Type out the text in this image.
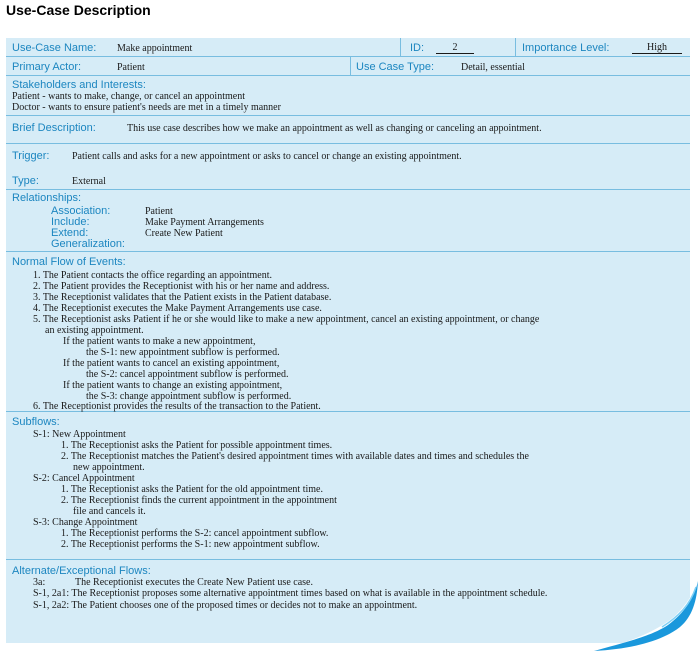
Use-Case Description
Use-Case Name: Make appointment	ID:	2	Importance Level:	High
Primary Actor:	Patient	Use Case Type:	Detail, essential
Stakeholders and Interests:
Patient - wants to make, change, or cancel an appointment
Doctor - wants to ensure patient's needs are met in a timely manner
Brief Description:	This use case describes how we make an appointment as well as changing or canceling an appointment.
Trigger: Patient calls and asks for a new appointment or asks to cancel or change an existing appointment.
Type:	External
Relationships:
Association:	Patient
Include:	Make Payment Arrangements
Extend:	Create New Patient
Generalization:
Normal Flow of Events:
1. The Patient contacts the office regarding an appointment.
2. The Patient provides the Receptionist with his or her name and address.
3. The Receptionist validates that the Patient exists in the Patient database.
4. The Receptionist executes the Make Payment Arrangements use case.
5. The Receptionist asks Patient if he or she would like to make a new appointment, cancel an existing appointment, or change
an existing appointment.
If the patient wants to make a new appointment,
the S-1: new appointment subflow is performed.
If the patient wants to cancel an existing appointment,
the S-2: cancel appointment subflow is performed.
If the patient wants to change an existing appointment,
the S-3: change appointment subflow is performed.
6. The Receptionist provides the results of the transaction to the Patient.
Subflows:
S-1: New Appointment
1. The Receptionist asks the Patient for possible appointment times.
2. The Receptionist matches the Patient's desired appointment times with available dates and times and schedules the
new appointment.
S-2: Cancel Appointment
1. The Receptionist asks the Patient for the old appointment time.
2. The Receptionist finds the current appointment in the appointment
file and cancels it.
S-3: Change Appointment
1. The Receptionist performs the S-2: cancel appointment subflow.
2. The Receptionist performs the S-1: new appointment subflow.
Alternate/Exceptional Flows:
3a:	The Receptionist executes the Create New Patient use case.
S-1, 2a1: The Receptionist proposes some alternative appointment times based on what is available in the appointment schedule.
S-1, 2a2: The Patient chooses one of the proposed times or decides not to make an appointment.
